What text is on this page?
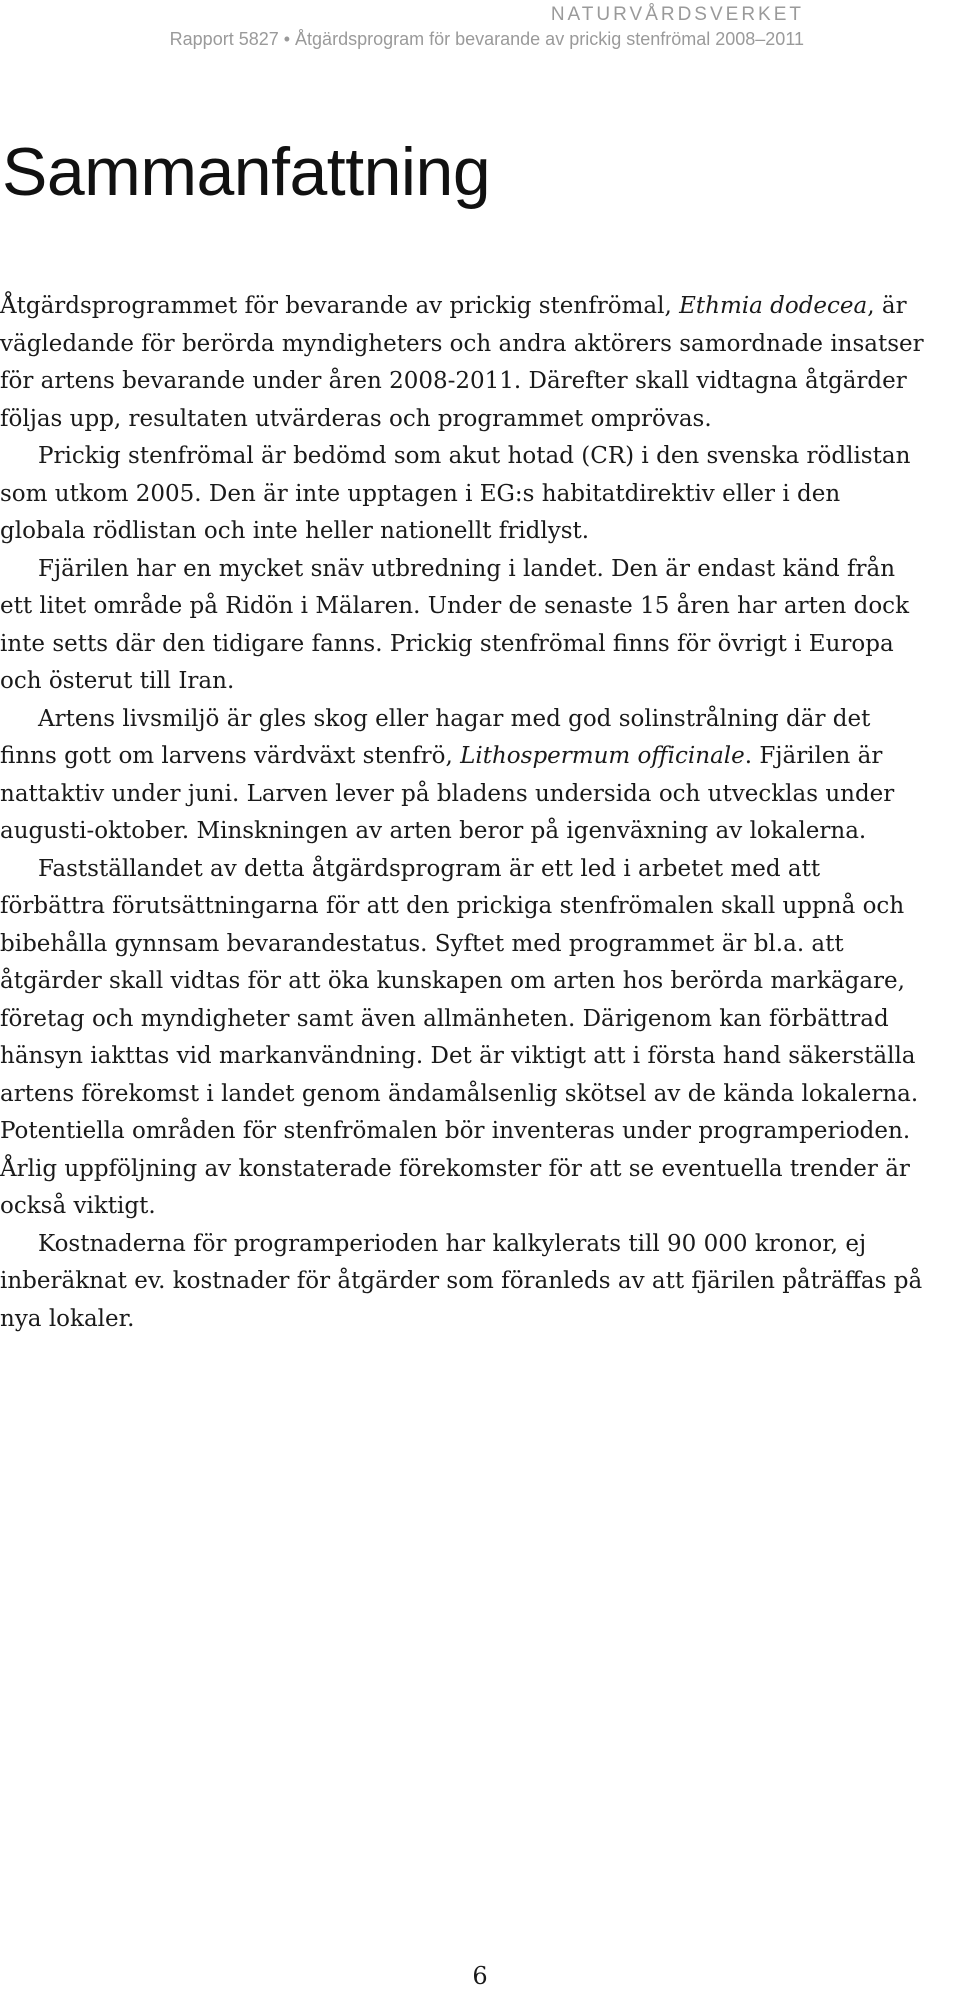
NATURVÅRDSVERKET
Rapport 5827 • Åtgärdsprogram för bevarande av prickig stenfrömal 2008–2011
Sammanfattning

Åtgärdsprogrammet för bevarande av prickig stenfrömal, Ethmia dodecea, är vägledande för berörda myndigheters och andra aktörers samordnade insatser för artens bevarande under åren 2008-2011. Därefter skall vidtagna åtgärder följas upp, resultaten utvärderas och programmet omprövas.

Prickig stenfrömal är bedömd som akut hotad (CR) i den svenska rödlistan som utkom 2005. Den är inte upptagen i EG:s habitatdirektiv eller i den globala rödlistan och inte heller nationellt fridlyst.

Fjärilen har en mycket snäv utbredning i landet. Den är endast känd från ett litet område på Ridön i Mälaren. Under de senaste 15 åren har arten dock inte setts där den tidigare fanns. Prickig stenfrömal finns för övrigt i Europa och österut till Iran.

Artens livsmiljö är gles skog eller hagar med god solinstrålning där det finns gott om larvens värdväxt stenfrö, Lithospermum officinale. Fjärilen är nattaktiv under juni. Larven lever på bladens undersida och utvecklas under augusti-oktober. Minskningen av arten beror på igenväxning av lokalerna.

Fastställandet av detta åtgärdsprogram är ett led i arbetet med att förbättra förutsättningarna för att den prickiga stenfrömalen skall uppnå och bibehålla gynnsam bevarandestatus. Syftet med programmet är bl.a. att åtgärder skall vidtas för att öka kunskapen om arten hos berörda markägare, företag och myndigheter samt även allmänheten. Därigenom kan förbättrad hänsyn iakttas vid markanvändning. Det är viktigt att i första hand säkerställa artens förekomst i landet genom ändamålsenlig skötsel av de kända lokalerna. Potentiella områden för stenfrömalen bör inventeras under programperioden. Årlig uppföljning av konstaterade förekomster för att se eventuella trender är också viktigt.

Kostnaderna för programperioden har kalkylerats till 90 000 kronor, ej inberäknat ev. kostnader för åtgärder som föranleds av att fjärilen påträffas på nya lokaler.

6
